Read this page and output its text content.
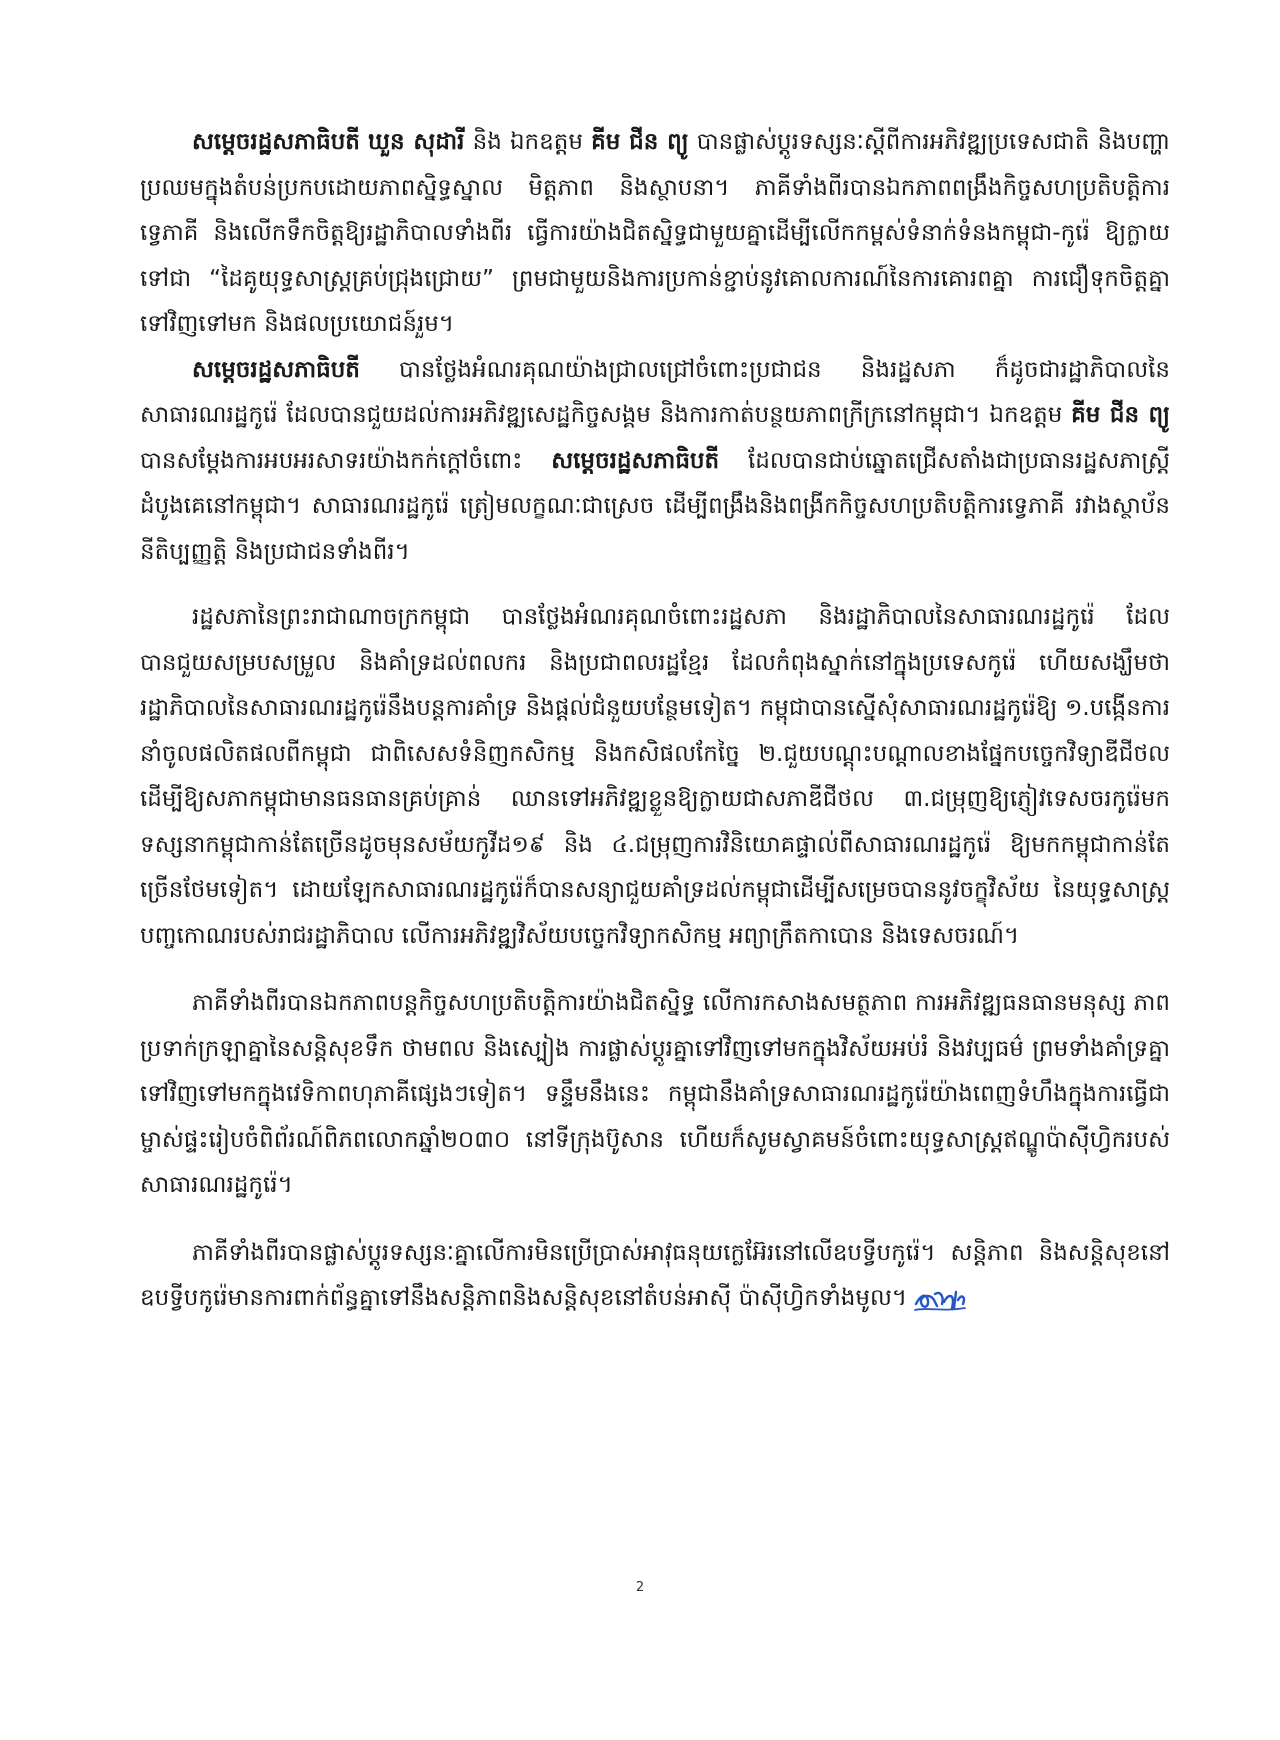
សម្តេចរដ្ឋសភាធិបតី ឃួន សុដារី និង ឯកឧត្តម គីម ជីន ព្យូ បានផ្លាស់ប្តូរទស្សនៈស្តីពីការអភិវឌ្ឍប្រទេសជាតិ និងបញ្ហាប្រឈមក្នុងតំបន់ប្រកបដោយភាពស្និទ្ធស្នាល មិត្តភាព និងស្ថាបនា។ ភាគីទាំងពីរបានឯកភាពពង្រឹងកិច្ចសហប្រតិបត្តិការទ្វេភាគី និងលើកទឹកចិត្តឱ្យរដ្ឋាភិបាលទាំងពីរ ធ្វើការយ៉ាងជិតស្និទ្ធជាមួយគ្នាដើម្បីលើកកម្ពស់ទំនាក់ទំនងកម្ពុជា-កូរ៉េ ឱ្យក្លាយទៅជា “ដៃគូយុទ្ធសាស្ត្រគ្រប់ជ្រុងជ្រោយ” ព្រមជាមួយនិងការប្រកាន់ខ្ជាប់នូវគោលការណ៍នៃការគោរពគ្នា ការជឿទុកចិត្តគ្នាទៅវិញទៅមក និងផលប្រយោជន៍រួម។

សម្តេចរដ្ឋសភាធិបតី បានថ្លែងអំណរគុណយ៉ាងជ្រាលជ្រៅចំពោះប្រជាជន និងរដ្ឋសភា ក៏ដូចជារដ្ឋាភិបាលនៃសាធារណរដ្ឋកូរ៉េ ដែលបានជួយដល់ការអភិវឌ្ឍសេដ្ឋកិច្ចសង្គម និងការកាត់បន្ថយភាពក្រីក្រនៅកម្ពុជា។ ឯកឧត្តម គីម ជីន ព្យូ បានសម្តែងការអបអរសាទរយ៉ាងកក់ក្តៅចំពោះ សម្តេចរដ្ឋសភាធិបតី ដែលបានជាប់ឆ្នោតជ្រើសតាំងជាប្រធានរដ្ឋសភាស្ត្រីដំបូងគេនៅកម្ពុជា។ សាធារណរដ្ឋកូរ៉េ ត្រៀមលក្ខណៈជាស្រេច ដើម្បីពង្រឹងនិងពង្រីកកិច្ចសហប្រតិបត្តិការទ្វេភាគី រវាងស្ថាប័ននីតិប្បញ្ញត្តិ និងប្រជាជនទាំងពីរ។

រដ្ឋសភានៃព្រះរាជាណាចក្រកម្ពុជា បានថ្លែងអំណរគុណចំពោះរដ្ឋសភា និងរដ្ឋាភិបាលនៃសាធារណរដ្ឋកូរ៉េ ដែលបានជួយសម្របសម្រួល និងគាំទ្រដល់ពលករ និងប្រជាពលរដ្ឋខ្មែរ ដែលកំពុងស្នាក់នៅក្នុងប្រទេសកូរ៉េ ហើយសង្ឃឹមថា រដ្ឋាភិបាលនៃសាធារណរដ្ឋកូរ៉េនឹងបន្តការគាំទ្រ និងផ្តល់ជំនួយបន្ថែមទៀត។ កម្ពុជាបានស្នើសុំសាធារណរដ្ឋកូរ៉េឱ្យ ១.បង្កើនការនាំចូលផលិតផលពីកម្ពុជា ជាពិសេសទំនិញកសិកម្ម និងកសិផលកែច្នៃ ២.ជួយបណ្តុះបណ្តាលខាងផ្នែកបច្ចេកវិទ្យាឌីជីថល ដើម្បីឱ្យសភាកម្ពុជាមានធនធានគ្រប់គ្រាន់ ឈានទៅអភិវឌ្ឍខ្លួនឱ្យក្លាយជាសភាឌីជីថល ៣.ជម្រុញឱ្យភ្ញៀវទេសចរកូរ៉េមកទស្សនាកម្ពុជាកាន់តែច្រើនដូចមុនសម័យកូវីដ១៩ និង ៤.ជម្រុញការវិនិយោគផ្ទាល់ពីសាធារណរដ្ឋកូរ៉េ ឱ្យមកកម្ពុជាកាន់តែច្រើនថែមទៀត។ ដោយឡែកសាធារណរដ្ឋកូរ៉េក៏បានសន្យាជួយគាំទ្រដល់កម្ពុជាដើម្បីសម្រេចបាននូវចក្ខុវិស័យ នៃយុទ្ធសាស្ត្របញ្ចកោណរបស់រាជរដ្ឋាភិបាល លើការអភិវឌ្ឍវិស័យបច្ចេកវិទ្យាកសិកម្ម អព្យាក្រឹតកាបោន និងទេសចរណ៍។

ភាគីទាំងពីរបានឯកភាពបន្តកិច្ចសហប្រតិបត្តិការយ៉ាងជិតស្និទ្ធ លើការកសាងសមត្ថភាព ការអភិវឌ្ឍធនធានមនុស្ស ភាពប្រទាក់ក្រឡាគ្នានៃសន្តិសុខទឹក ថាមពល និងស្បៀង ការផ្លាស់ប្តូរគ្នាទៅវិញទៅមកក្នុងវិស័យអប់រំ និងវប្បធម៌ ព្រមទាំងគាំទ្រគ្នាទៅវិញទៅមកក្នុងវេទិកាពហុភាគីផ្សេងៗទៀត។ ទន្ទឹមនឹងនេះ កម្ពុជានឹងគាំទ្រសាធារណរដ្ឋកូរ៉េយ៉ាងពេញទំហឹងក្នុងការធ្វើជាម្ចាស់ផ្ទះរៀបចំពិព័រណ៍ពិភពលោកឆ្នាំ២០៣០ នៅទីក្រុងប៊ូសាន ហើយក៏សូមស្វាគមន៍ចំពោះយុទ្ធសាស្ត្រឥណ្ឌូប៉ាស៊ីហ្វិករបស់សាធារណរដ្ឋកូរ៉េ។

ភាគីទាំងពីរបានផ្លាស់ប្តូរទស្សនៈគ្នាលើការមិនប្រើប្រាស់អាវុធនុយក្លេអ៊ែរនៅលើឧបទ្វីបកូរ៉េ។ សន្តិភាព និងសន្តិសុខនៅឧបទ្វីបកូរ៉េមានការពាក់ព័ន្ធគ្នាទៅនឹងសន្តិភាពនិងសន្តិសុខនៅតំបន់អាស៊ី ប៉ាស៊ីហ្វិកទាំងមូល។

2
